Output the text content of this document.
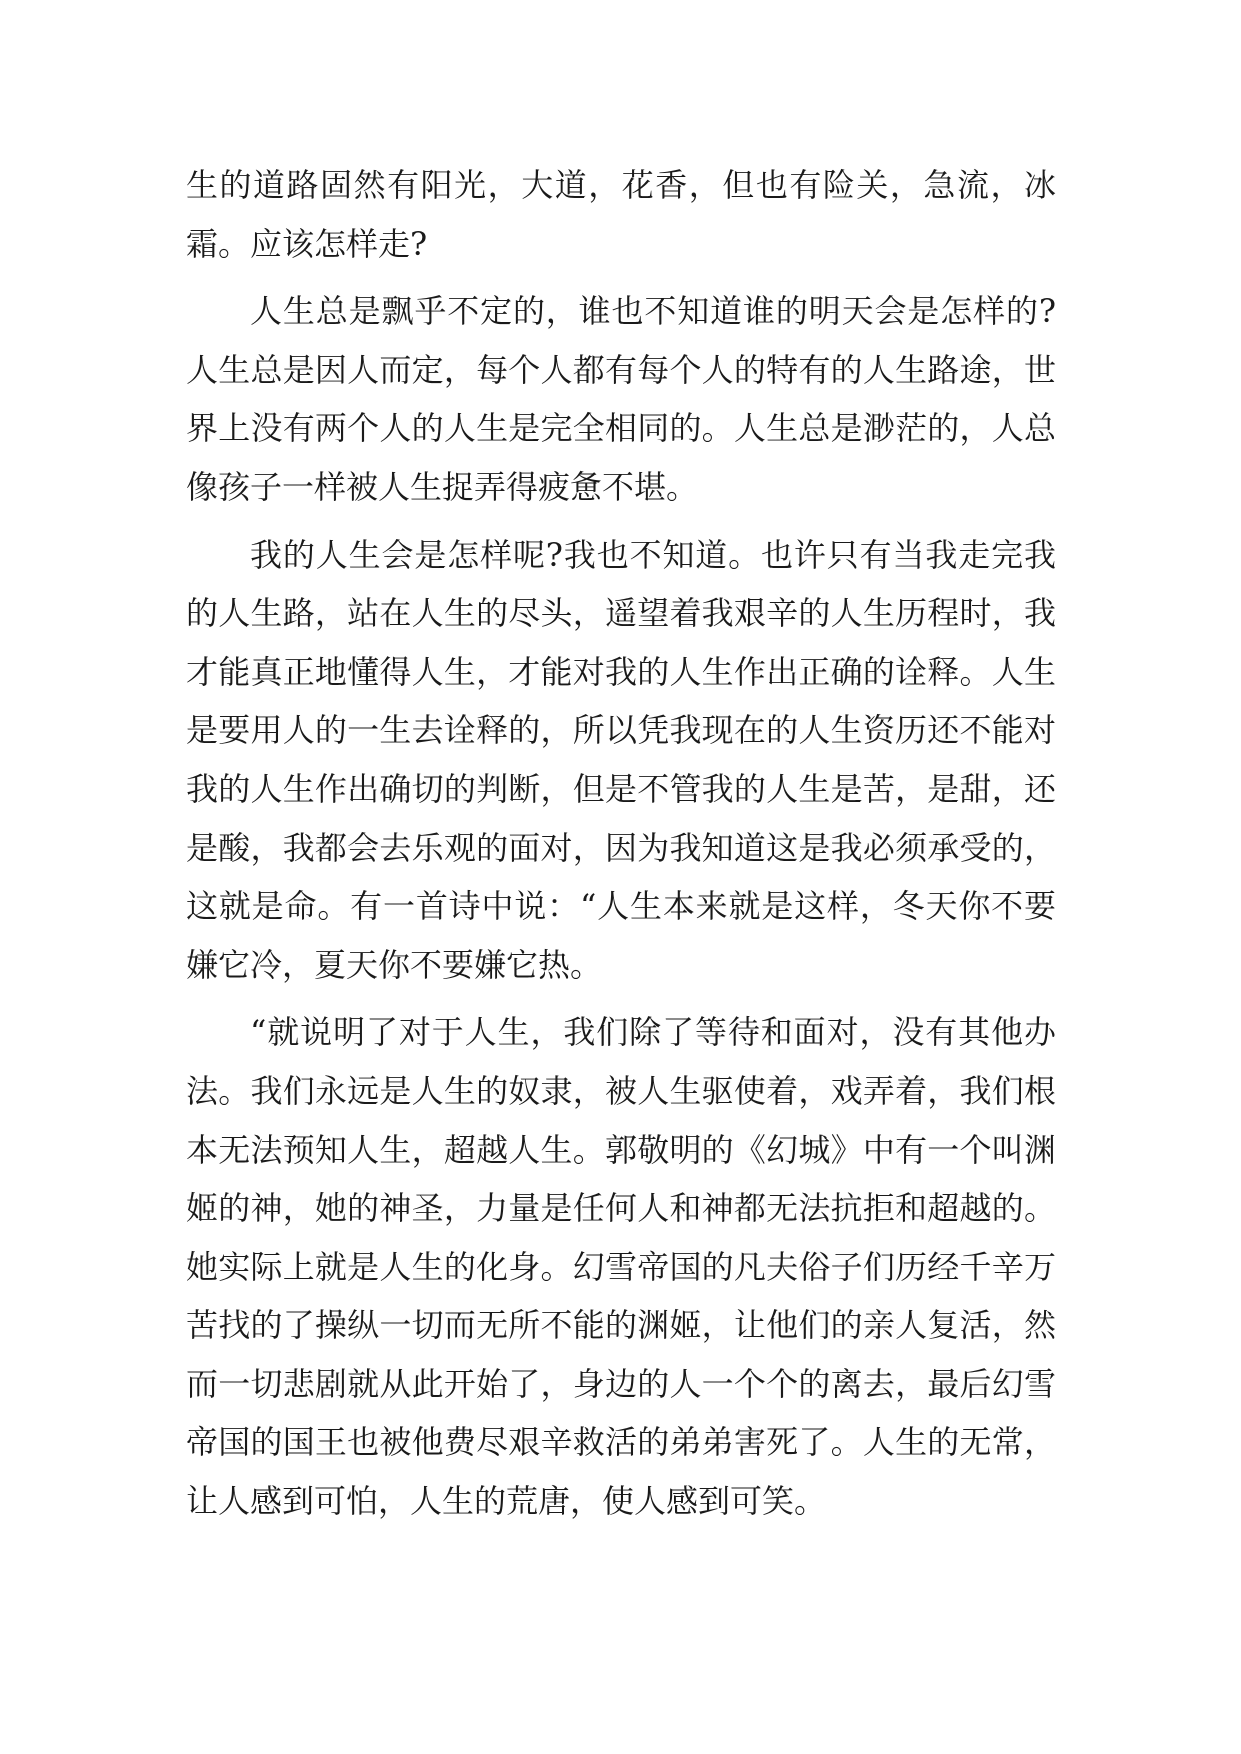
生的道路固然有阳光，大道，花香，但也有险关，急流，冰霜。应该怎样走?

人生总是飘乎不定的，谁也不知道谁的明天会是怎样的?人生总是因人而定，每个人都有每个人的特有的人生路途，世界上没有两个人的人生是完全相同的。人生总是渺茫的，人总像孩子一样被人生捉弄得疲惫不堪。

我的人生会是怎样呢?我也不知道。也许只有当我走完我的人生路，站在人生的尽头，遥望着我艰辛的人生历程时，我才能真正地懂得人生，才能对我的人生作出正确的诠释。人生是要用人的一生去诠释的，所以凭我现在的人生资历还不能对我的人生作出确切的判断，但是不管我的人生是苦，是甜，还是酸，我都会去乐观的面对，因为我知道这是我必须承受的，这就是命。有一首诗中说：“人生本来就是这样，冬天你不要嫌它冷，夏天你不要嫌它热。

“就说明了对于人生，我们除了等待和面对，没有其他办法。我们永远是人生的奴隶，被人生驱使着，戏弄着，我们根本无法预知人生，超越人生。郭敬明的《幻城》中有一个叫渊姬的神，她的神圣，力量是任何人和神都无法抗拒和超越的。她实际上就是人生的化身。幻雪帝国的凡夫俗子们历经千辛万苦找的了操纵一切而无所不能的渊姬，让他们的亲人复活，然而一切悲剧就从此开始了，身边的人一个个的离去，最后幻雪帝国的国王也被他费尽艰辛救活的弟弟害死了。人生的无常，让人感到可怕，人生的荒唐，使人感到可笑。
